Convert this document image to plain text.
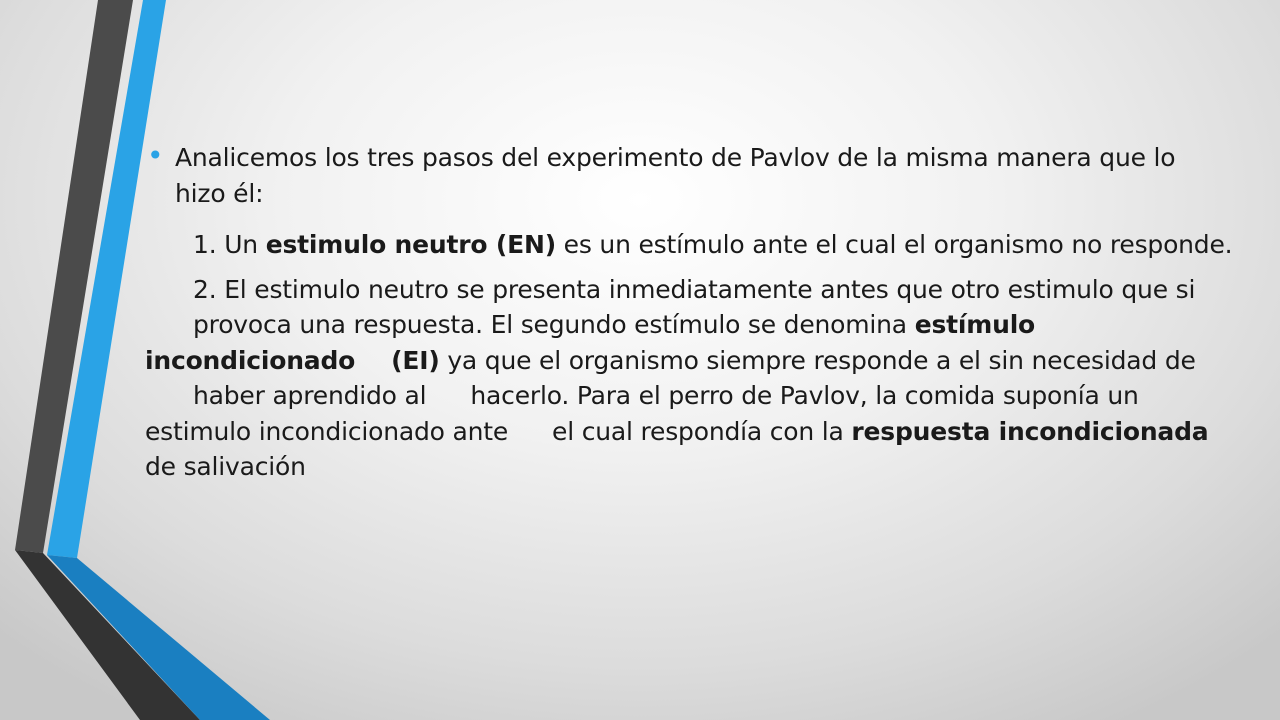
• Analicemos los tres pasos del experimento de Pavlov de la misma manera que lo
hizo él:
1. Un estimulo neutro (EN) es un estímulo ante el cual el organismo no responde.
2. El estimulo neutro se presenta inmediatamente antes que otro estimulo que si
provoca una respuesta. El segundo estímulo se denomina estímulo
incondicionado (EI) ya que el organismo siempre responde a el sin necesidad de
haber aprendido al hacerlo. Para el perro de Pavlov, la comida suponía un
estimulo incondicionado ante el cual respondía con la respuesta incondicionada
de salivación
